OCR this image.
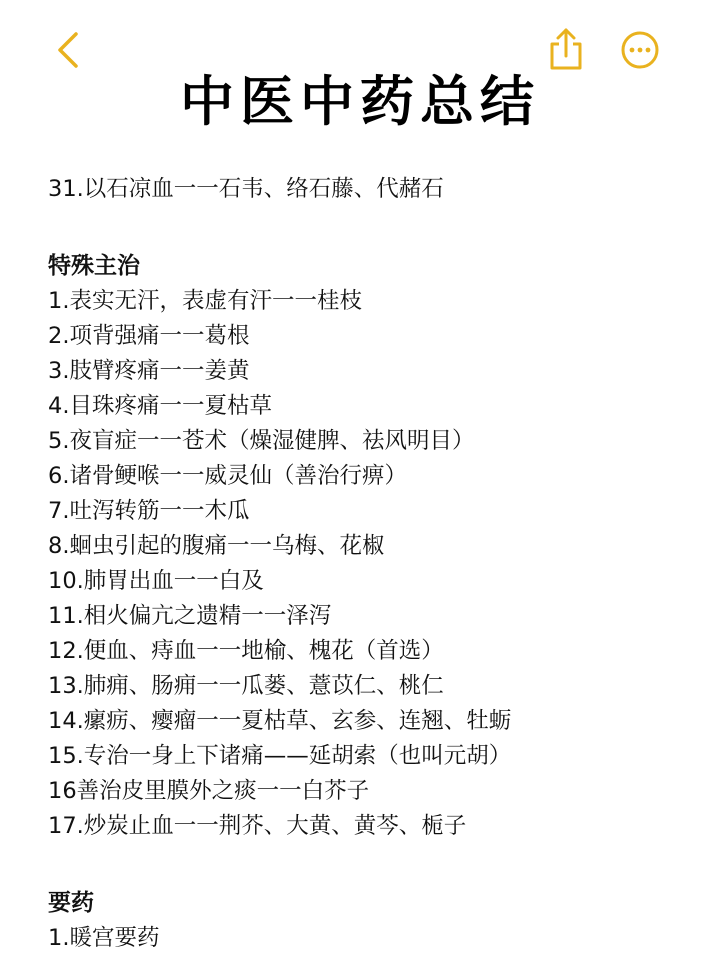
中医中药总结
31.以石凉血一一石韦、络石藤、代赭石
特殊主治
1.表实无汗，表虚有汗一一桂枝
2.项背强痛一一葛根
3.肢臂疼痛一一姜黄
4.目珠疼痛一一夏枯草
5.夜盲症一一苍术（燥湿健脾、祛风明目）
6.诸骨鲠喉一一威灵仙（善治行痹）
7.吐泻转筋一一木瓜
8.蛔虫引起的腹痛一一乌梅、花椒
10.肺胃出血一一白及
11.相火偏亢之遗精一一泽泻
12.便血、痔血一一地榆、槐花（首选）
13.肺痈、肠痈一一瓜蒌、薏苡仁、桃仁
14.瘰疬、瘿瘤一一夏枯草、玄参、连翘、牡蛎
15.专治一身上下诸痛——延胡索（也叫元胡）
16善治皮里膜外之痰一一白芥子
17.炒炭止血一一荆芥、大黄、黄芩、栀子
要药
1.暖宫要药
